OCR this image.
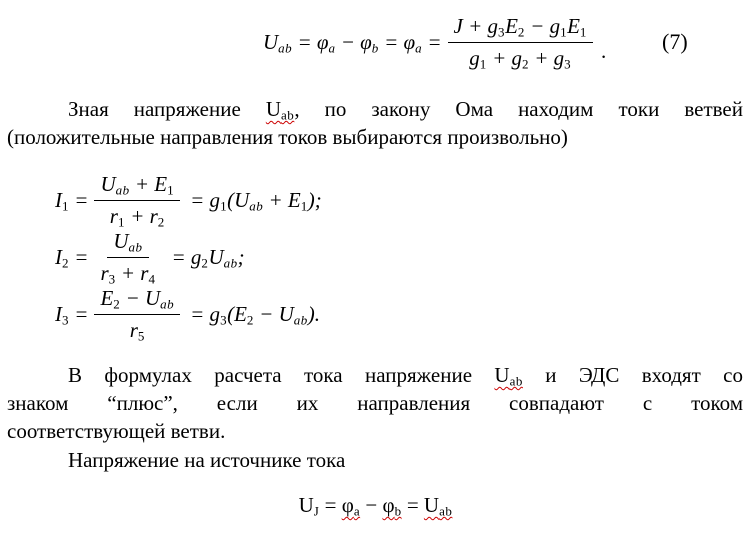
$U_{ab} = \varphi_a - \varphi_b = \varphi_a = \frac{J + g_3E_2 - g_1E_1}{g_1 + g_2 + g_3}$ .	(7)
Зная напряжение $U_{ab}$, по закону Ома находим токи ветвей
(положительные направления токов выбираются произвольно)
$I_1 = \frac{U_{ab} + E_1}{r_1 + r_2} = g_1(U_{ab} + E_1)$;
$I_2 = \frac{U_{ab}}{r_3 + r_4} = g_2U_{ab}$;
$I_3 = \frac{E_2 - U_{ab}}{r_5} = g_3(E_2 - U_{ab})$.
В формулах расчета тока напряжение $U_{ab}$ и ЭДС входят со
знаком “плюс”, если их направления совпадают с током
соответствующей ветви.
Напряжение на источнике тока
$U_J = \varphi_a - \varphi_b = U_{ab}$
